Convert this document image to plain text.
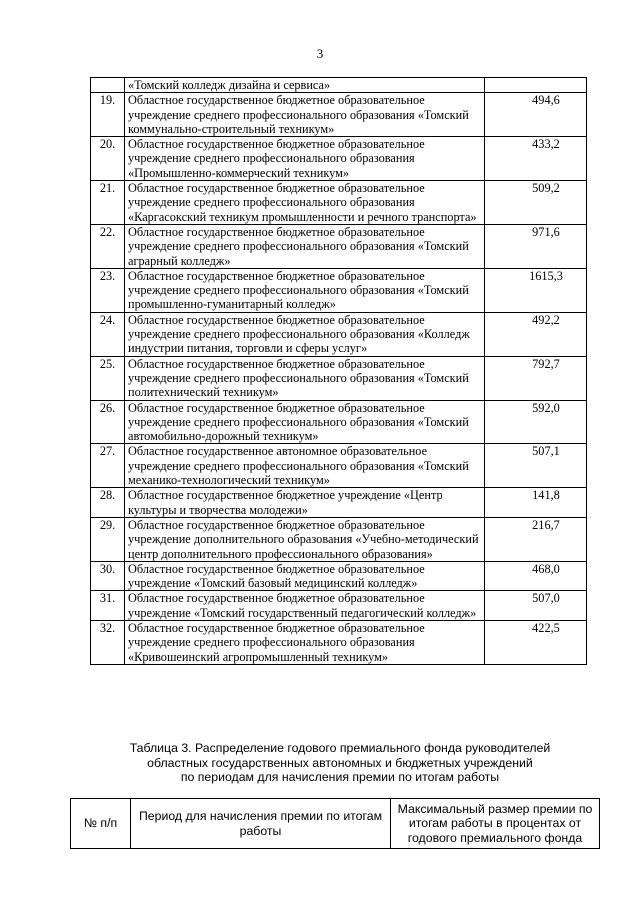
3
	«Томский колледж дизайна и сервиса»	
19.	Областное государственное бюджетное образовательное учреждение среднего профессионального образования «Томский коммунально-строительный техникум»	494,6
20.	Областное государственное бюджетное образовательное учреждение среднего профессионального образования «Промышленно-коммерческий техникум»	433,2
21.	Областное государственное бюджетное образовательное учреждение среднего профессионального образования «Каргасокский техникум промышленности и речного транспорта»	509,2
22.	Областное государственное бюджетное образовательное учреждение среднего профессионального образования «Томский аграрный колледж»	971,6
23.	Областное государственное бюджетное образовательное учреждение среднего профессионального образования «Томский промышленно-гуманитарный колледж»	1615,3
24.	Областное государственное бюджетное образовательное учреждение среднего профессионального образования «Колледж индустрии питания, торговли и сферы услуг»	492,2
25.	Областное государственное бюджетное образовательное учреждение среднего профессионального образования «Томский политехнический техникум»	792,7
26.	Областное государственное бюджетное образовательное учреждение среднего профессионального образования «Томский автомобильно-дорожный техникум»	592,0
27.	Областное государственное автономное образовательное учреждение среднего профессионального образования «Томский механико-технологический техникум»	507,1
28.	Областное государственное бюджетное учреждение «Центр культуры и творчества молодежи»	141,8
29.	Областное государственное бюджетное образовательное учреждение дополнительного образования «Учебно-методический центр дополнительного профессионального образования»	216,7
30.	Областное государственное бюджетное образовательное учреждение «Томский базовый медицинский колледж»	468,0
31.	Областное государственное бюджетное образовательное учреждение «Томский государственный педагогический колледж»	507,0
32.	Областное государственное бюджетное образовательное учреждение среднего профессионального образования «Кривошеинский агропромышленный техникум»	422,5
Таблица 3. Распределение годового премиального фонда руководителей
областных государственных автономных и бюджетных учреждений
по периодам для начисления премии по итогам работы
№ п/п	Период для начисления премии по итогам работы	Максимальный размер премии по итогам работы в процентах от годового премиального фонда
